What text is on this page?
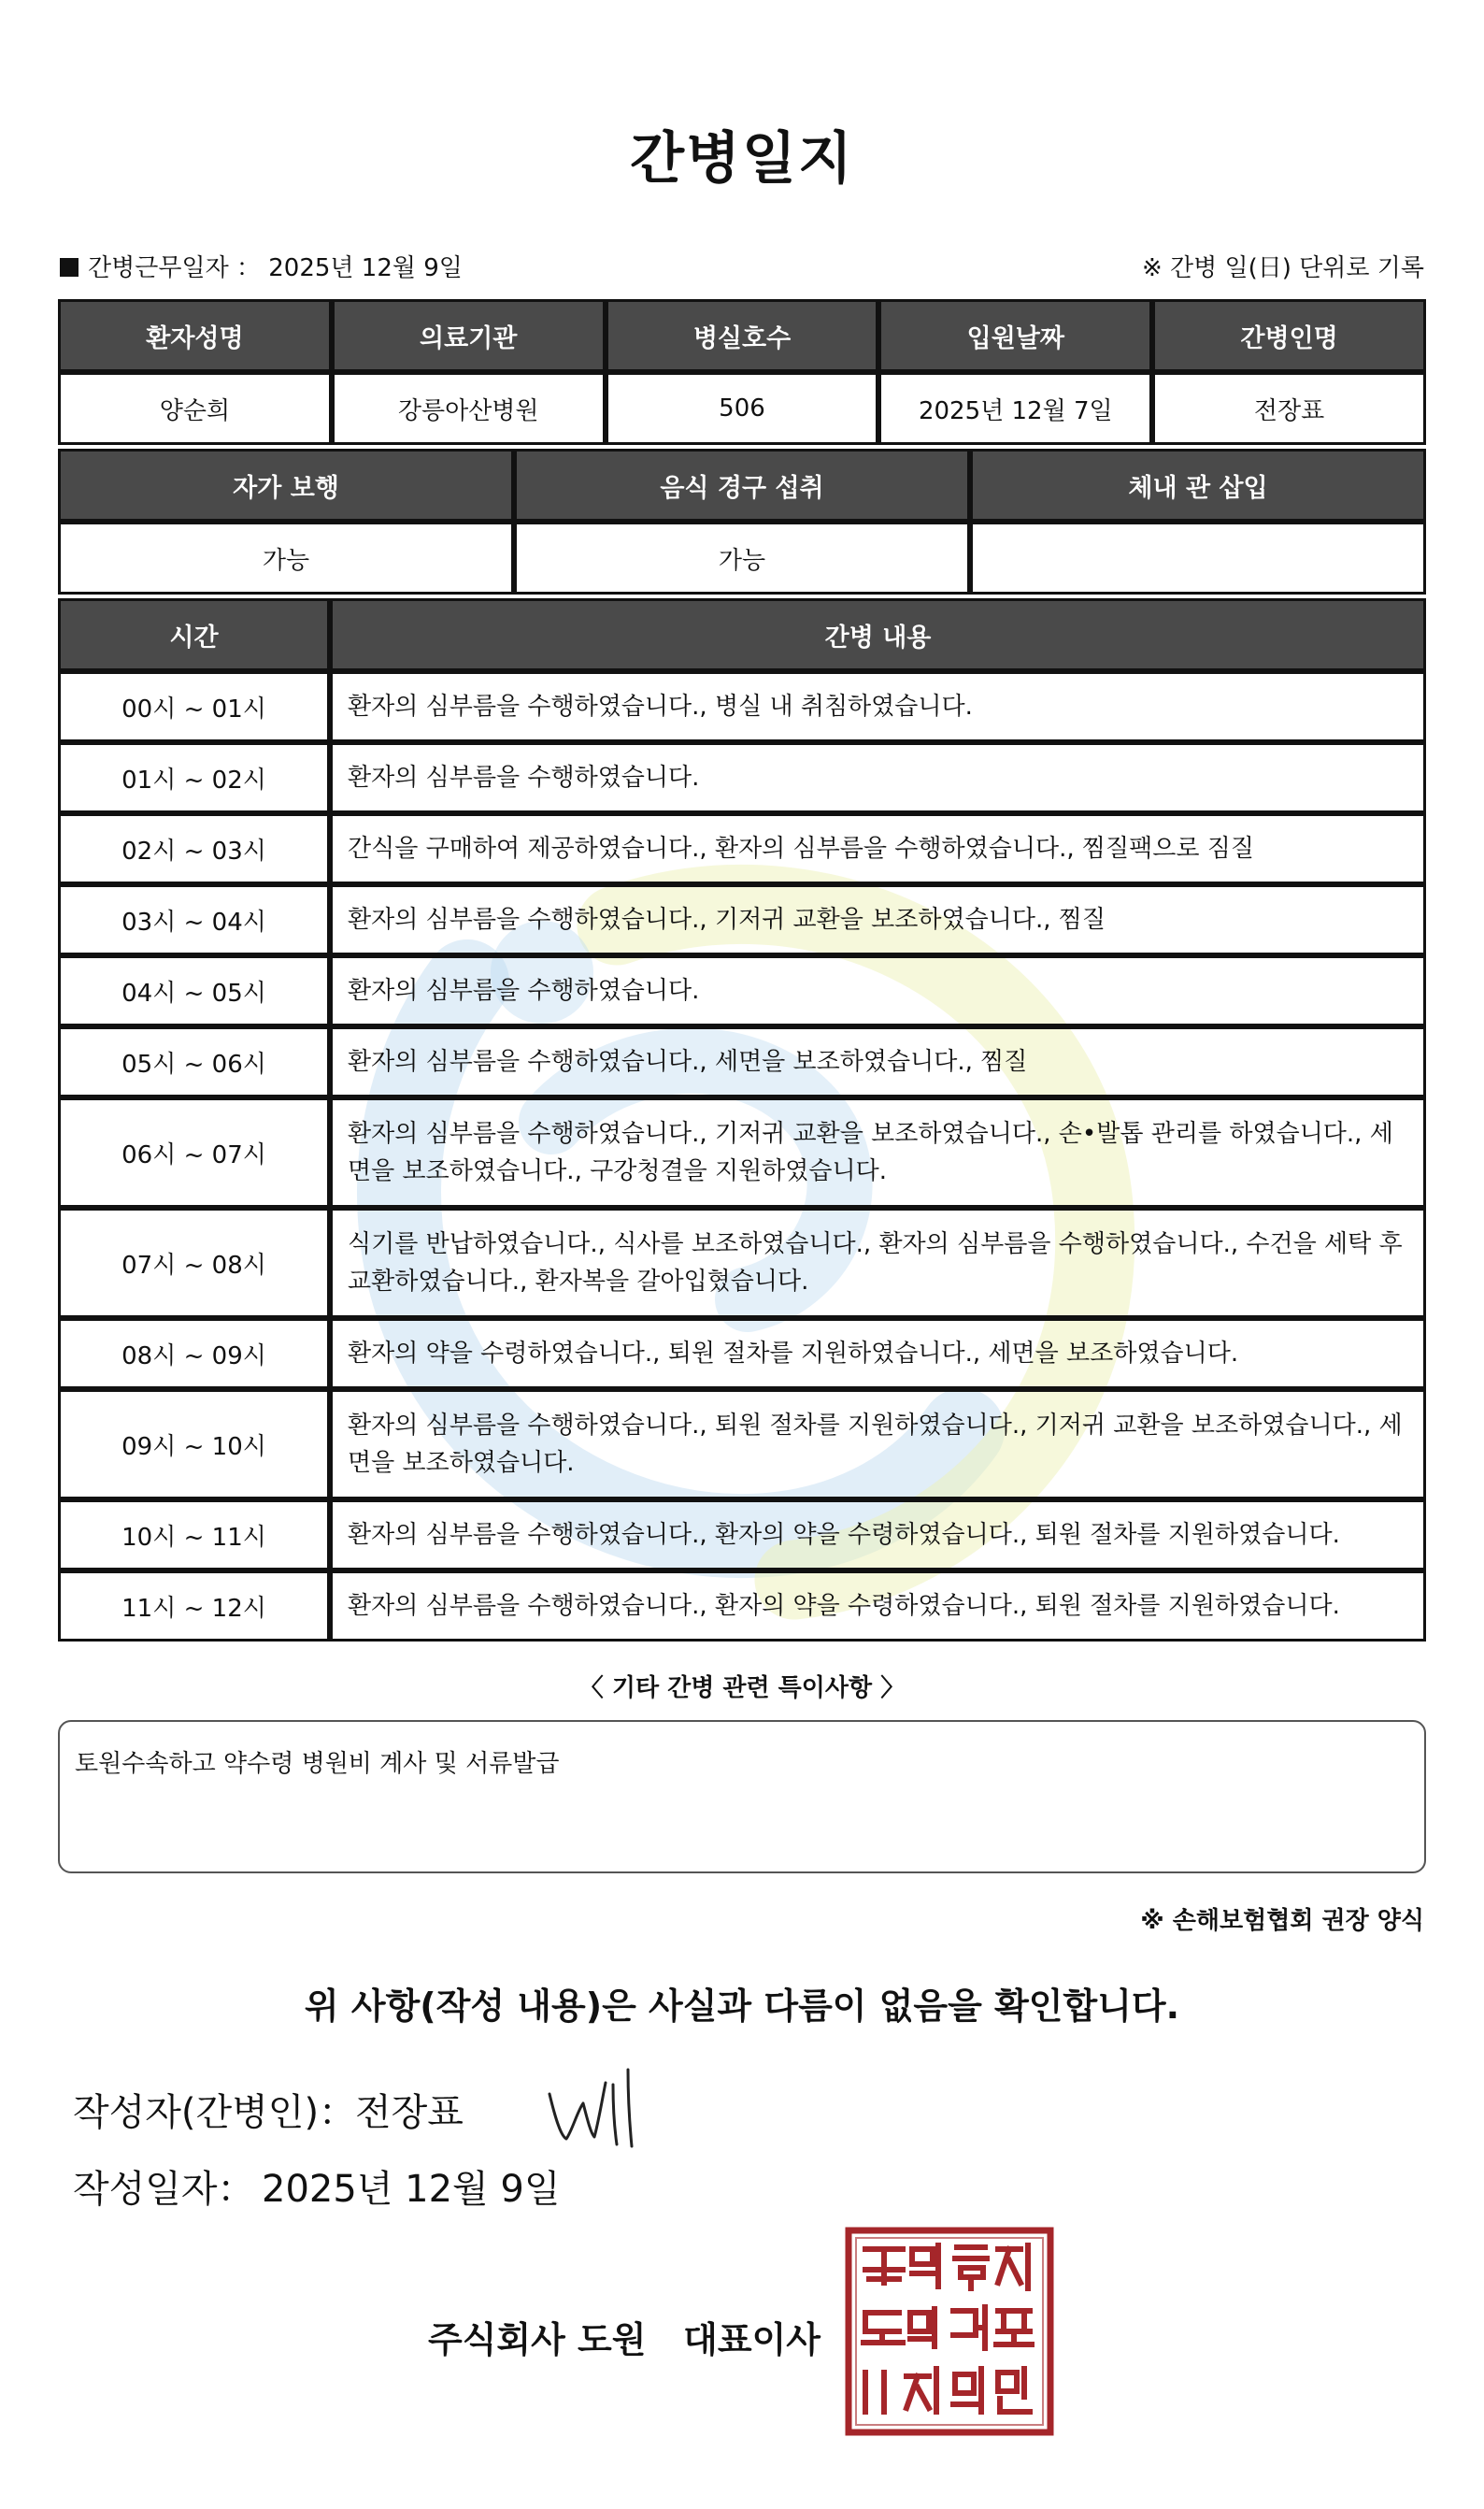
간병일지
간병근무일자 ： 2025년 12월 9일	※ 간병 일(日) 단위로 기록
환자성명	의료기관	병실호수	입원날짜	간병인명
양순희	강릉아산병원	506	2025년 12월 7일	전장표
자가 보행	음식 경구 섭취	체내 관 삽입
가능	가능	
시간	간병 내용
00시 ~ 01시	환자의 심부름을 수행하였습니다., 병실 내 취침하였습니다.
01시 ~ 02시	환자의 심부름을 수행하였습니다.
02시 ~ 03시	간식을 구매하여 제공하였습니다., 환자의 심부름을 수행하였습니다., 찜질팩으로 짐질
03시 ~ 04시	환자의 심부름을 수행하였습니다., 기저귀 교환을 보조하였습니다., 찜질
04시 ~ 05시	환자의 심부름을 수행하였습니다.
05시 ~ 06시	환자의 심부름을 수행하였습니다., 세면을 보조하였습니다., 찜질
06시 ~ 07시	환자의 심부름을 수행하였습니다., 기저귀 교환을 보조하였습니다., 손•발톱 관리를 하였습니다., 세면을 보조하였습니다., 구강청결을 지원하였습니다.
07시 ~ 08시	식기를 반납하였습니다., 식사를 보조하였습니다., 환자의 심부름을 수행하였습니다., 수건을 세탁 후 교환하였습니다., 환자복을 갈아입혔습니다.
08시 ~ 09시	환자의 약을 수령하였습니다., 퇴원 절차를 지원하였습니다., 세면을 보조하였습니다.
09시 ~ 10시	환자의 심부름을 수행하였습니다., 퇴원 절차를 지원하였습니다., 기저귀 교환을 보조하였습니다., 세면을 보조하였습니다.
10시 ~ 11시	환자의 심부름을 수행하였습니다., 환자의 약을 수령하였습니다., 퇴원 절차를 지원하였습니다.
11시 ~ 12시	환자의 심부름을 수행하였습니다., 환자의 약을 수령하였습니다., 퇴원 절차를 지원하였습니다.
〈 기타 간병 관련 특이사항 〉
토원수속하고 약수령 병원비 계사 및 서류발급
※ 손해보험협회 권장 양식
위 사항(작성 내용)은 사실과 다름이 없음을 확인합니다.
작성자(간병인)：
전장표
작성일자： 2025년 12월 9일
주식회사 도원   대표이사
